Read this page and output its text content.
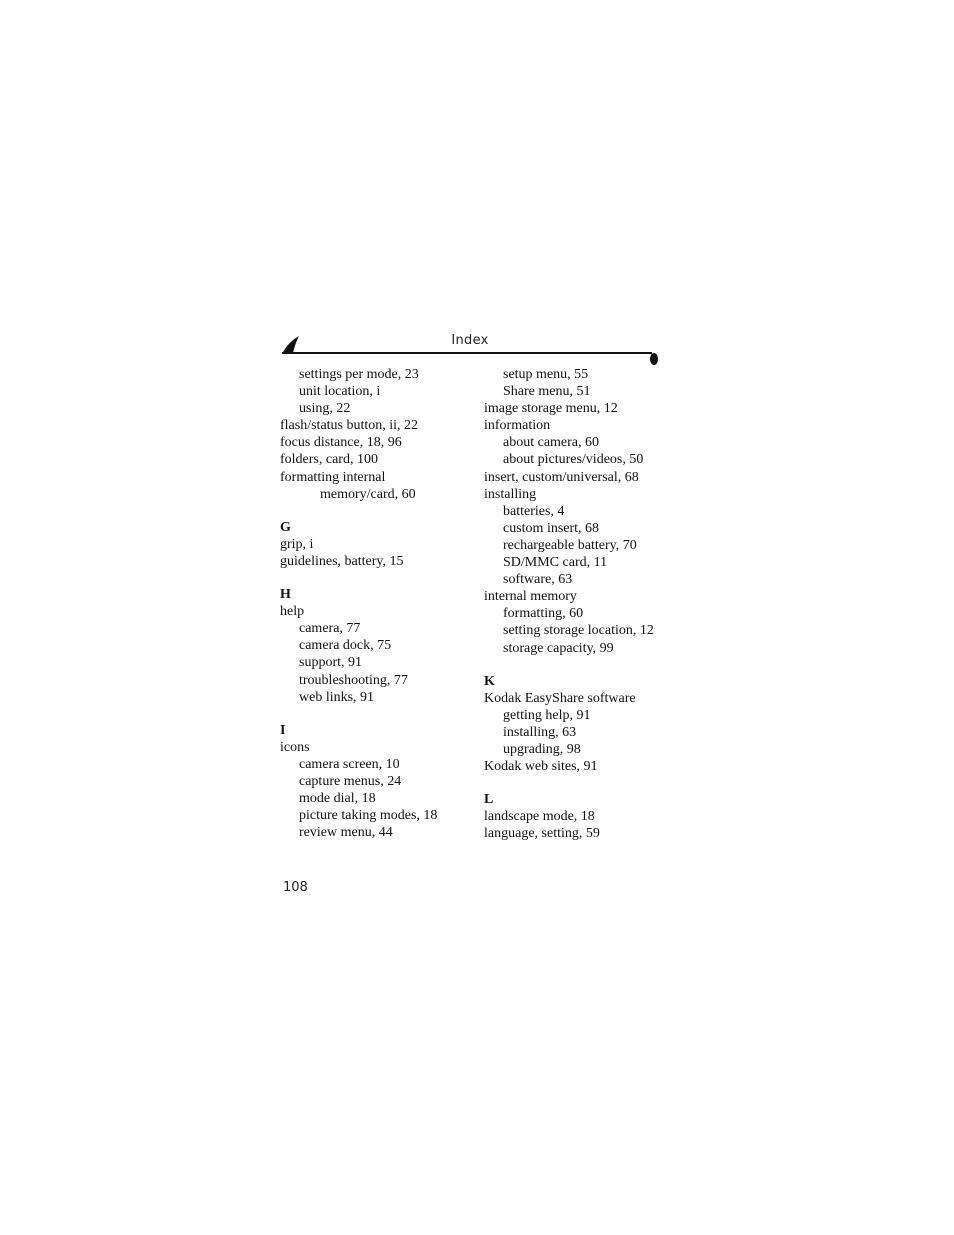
Index
settings per mode, 23
unit location, i
using, 22
flash/status button, ii, 22
focus distance, 18, 96
folders, card, 100
formatting internal
memory/card, 60
G
grip, i
guidelines, battery, 15
H
help
camera, 77
camera dock, 75
support, 91
troubleshooting, 77
web links, 91
I
icons
camera screen, 10
capture menus, 24
mode dial, 18
picture taking modes, 18
review menu, 44
setup menu, 55
Share menu, 51
image storage menu, 12
information
about camera, 60
about pictures/videos, 50
insert, custom/universal, 68
installing
batteries, 4
custom insert, 68
rechargeable battery, 70
SD/MMC card, 11
software, 63
internal memory
formatting, 60
setting storage location, 12
storage capacity, 99
K
Kodak EasyShare software
getting help, 91
installing, 63
upgrading, 98
Kodak web sites, 91
L
landscape mode, 18
language, setting, 59
108
